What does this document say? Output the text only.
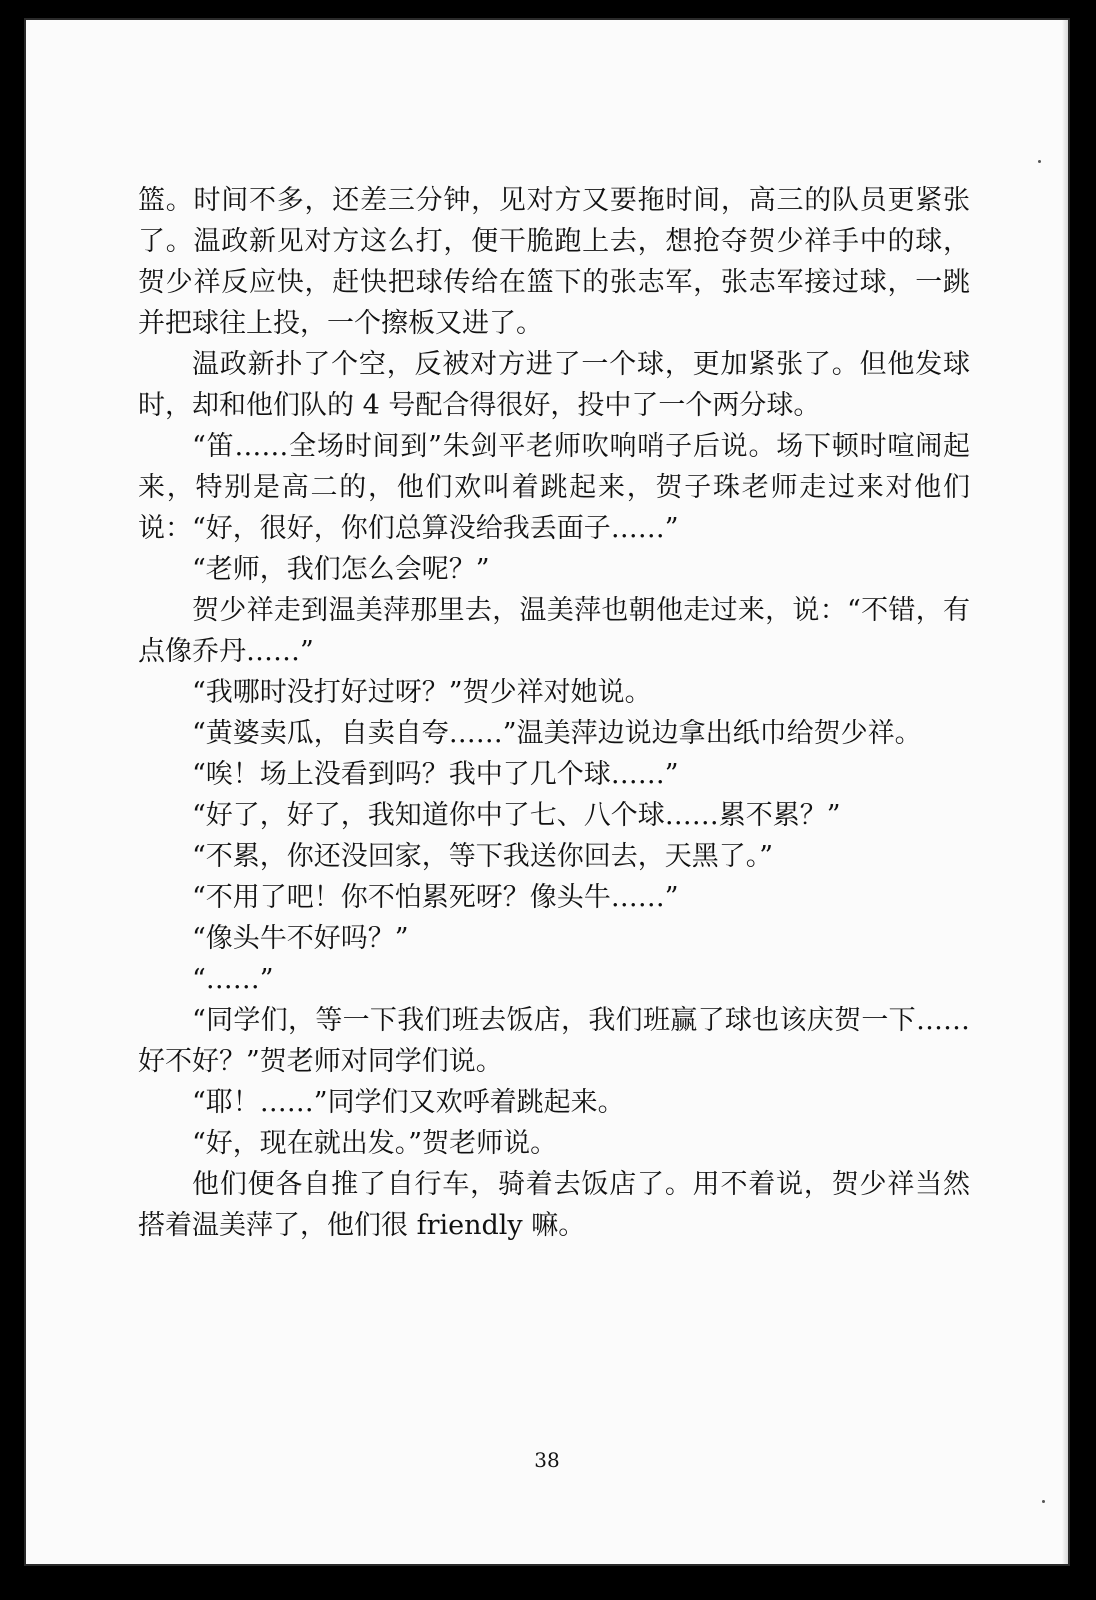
篮。时间不多，还差三分钟，见对方又要拖时间，高三的队员更紧张了。温政新见对方这么打，便干脆跑上去，想抢夺贺少祥手中的球，贺少祥反应快，赶快把球传给在篮下的张志军，张志军接过球，一跳并把球往上投，一个擦板又进了。

温政新扑了个空，反被对方进了一个球，更加紧张了。但他发球时，却和他们队的 4 号配合得很好，投中了一个两分球。

“笛……全场时间到”朱剑平老师吹响哨子后说。场下顿时喧闹起来，特别是高二的，他们欢叫着跳起来，贺子珠老师走过来对他们说：“好，很好，你们总算没给我丢面子……”

“老师，我们怎么会呢？”

贺少祥走到温美萍那里去，温美萍也朝他走过来，说：“不错，有点像乔丹……”

“我哪时没打好过呀？”贺少祥对她说。

“黄婆卖瓜，自卖自夸……”温美萍边说边拿出纸巾给贺少祥。

“唉！场上没看到吗？我中了几个球……”

“好了，好了，我知道你中了七、八个球……累不累？”

“不累，你还没回家，等下我送你回去，天黑了。”

“不用了吧！你不怕累死呀？像头牛……”

“像头牛不好吗？”

“……”

“同学们，等一下我们班去饭店，我们班赢了球也该庆贺一下……好不好？”贺老师对同学们说。

“耶！……”同学们又欢呼着跳起来。

“好，现在就出发。”贺老师说。

他们便各自推了自行车，骑着去饭店了。用不着说，贺少祥当然搭着温美萍了，他们很 friendly 嘛。

38
